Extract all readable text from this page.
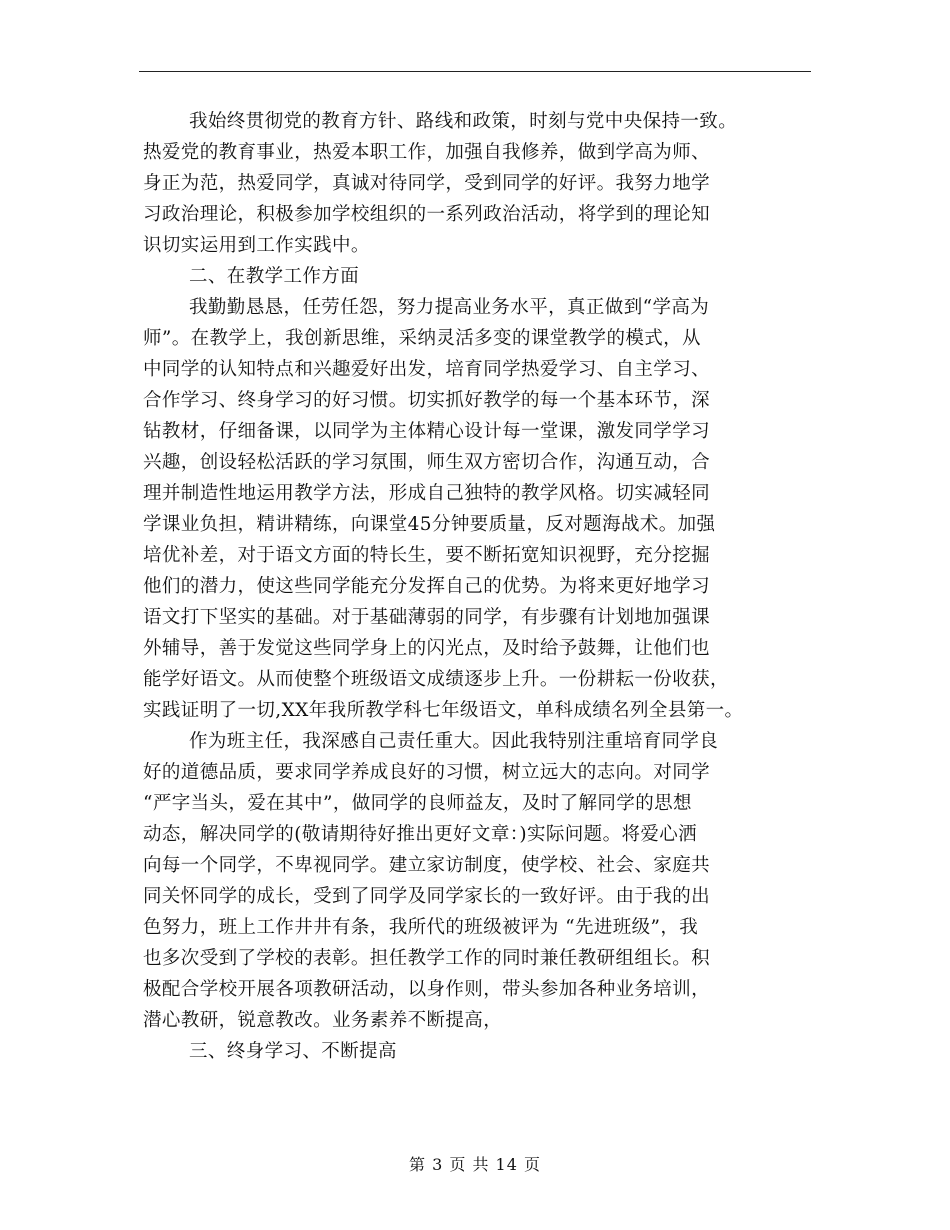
我始终贯彻党的教育方针、路线和政策，时刻与党中央保持一致。
热爱党的教育事业，热爱本职工作，加强自我修养，做到学高为师、
身正为范，热爱同学，真诚对待同学，受到同学的好评。我努力地学
习政治理论，积极参加学校组织的一系列政治活动，将学到的理论知
识切实运用到工作实践中。
二、在教学工作方面
我勤勤恳恳，任劳任怨，努力提高业务水平，真正做到“学高为
师”。在教学上，我创新思维，采纳灵活多变的课堂教学的模式，从
中同学的认知特点和兴趣爱好出发，培育同学热爱学习、自主学习、
合作学习、终身学习的好习惯。切实抓好教学的每一个基本环节，深
钻教材，仔细备课，以同学为主体精心设计每一堂课，激发同学学习
兴趣，创设轻松活跃的学习氛围，师生双方密切合作，沟通互动，合
理并制造性地运用教学方法，形成自己独特的教学风格。切实减轻同
学课业负担，精讲精练，向课堂45分钟要质量，反对题海战术。加强
培优补差，对于语文方面的特长生，要不断拓宽知识视野，充分挖掘
他们的潜力，使这些同学能充分发挥自己的优势。为将来更好地学习
语文打下坚实的基础。对于基础薄弱的同学，有步骤有计划地加强课
外辅导，善于发觉这些同学身上的闪光点，及时给予鼓舞，让他们也
能学好语文。从而使整个班级语文成绩逐步上升。一份耕耘一份收获，
实践证明了一切,XX年我所教学科七年级语文，单科成绩名列全县第一。
作为班主任，我深感自己责任重大。因此我特别注重培育同学良
好的道德品质，要求同学养成良好的习惯，树立远大的志向。对同学
“严字当头，爱在其中”，做同学的良师益友，及时了解同学的思想
动态，解决同学的(敬请期待好推出更好文章：)实际问题。将爱心洒
向每一个同学，不卑视同学。建立家访制度，使学校、社会、家庭共
同关怀同学的成长，受到了同学及同学家长的一致好评。由于我的出
色努力，班上工作井井有条，我所代的班级被评为 “先进班级”，我
也多次受到了学校的表彰。担任教学工作的同时兼任教研组组长。积
极配合学校开展各项教研活动，以身作则，带头参加各种业务培训，
潜心教研，锐意教改。业务素养不断提高，
三、终身学习、不断提高
第 3 页 共 14 页
